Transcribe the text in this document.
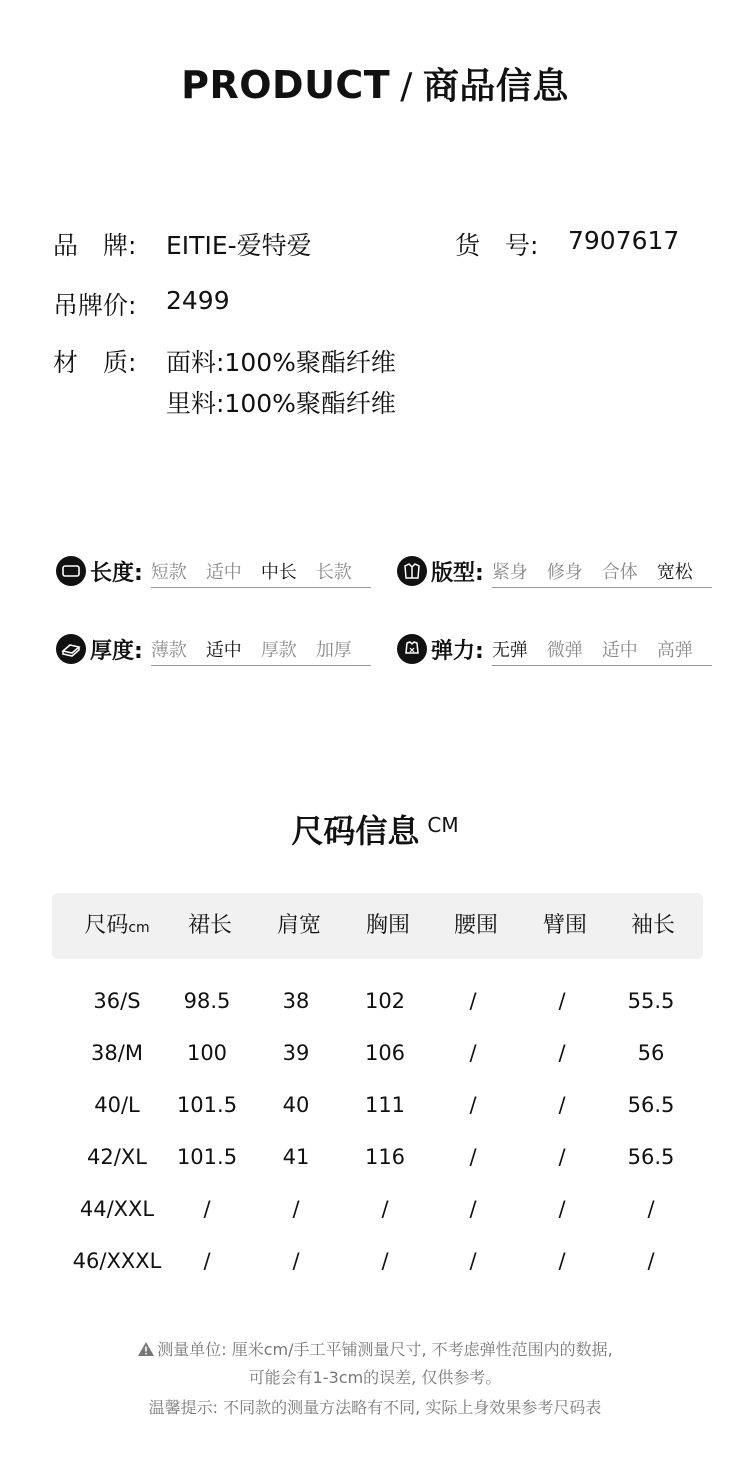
PRODUCT / 商品信息
品　牌: EITIE-爱特爱	货　号: 7907617
吊牌价: 2499
材　质: 面料:100%聚酯纤维
里料:100%聚酯纤维
长度: 短款 适中 中长 长款	版型: 紧身 修身 合体 宽松
厚度: 薄款 适中 厚款 加厚	弹力: 无弹 微弹 适中 高弹
尺码信息 $^{CM}$
尺码cm	裙长	肩宽	胸围	腰围	臂围	袖长
36/S	98.5	38	102	/	/	55.5
38/M	100	39	106	/	/	56
40/L	101.5	40	111	/	/	56.5
42/XL	101.5	41	116	/	/	56.5
44/XXL	/	/	/	/	/	/
46/XXXL	/	/	/	/	/	/
测量单位: 厘米cm/手工平铺测量尺寸, 不考虑弹性范围内的数据,
可能会有1-3cm的误差, 仅供参考。
温馨提示: 不同款的测量方法略有不同, 实际上身效果参考尺码表
